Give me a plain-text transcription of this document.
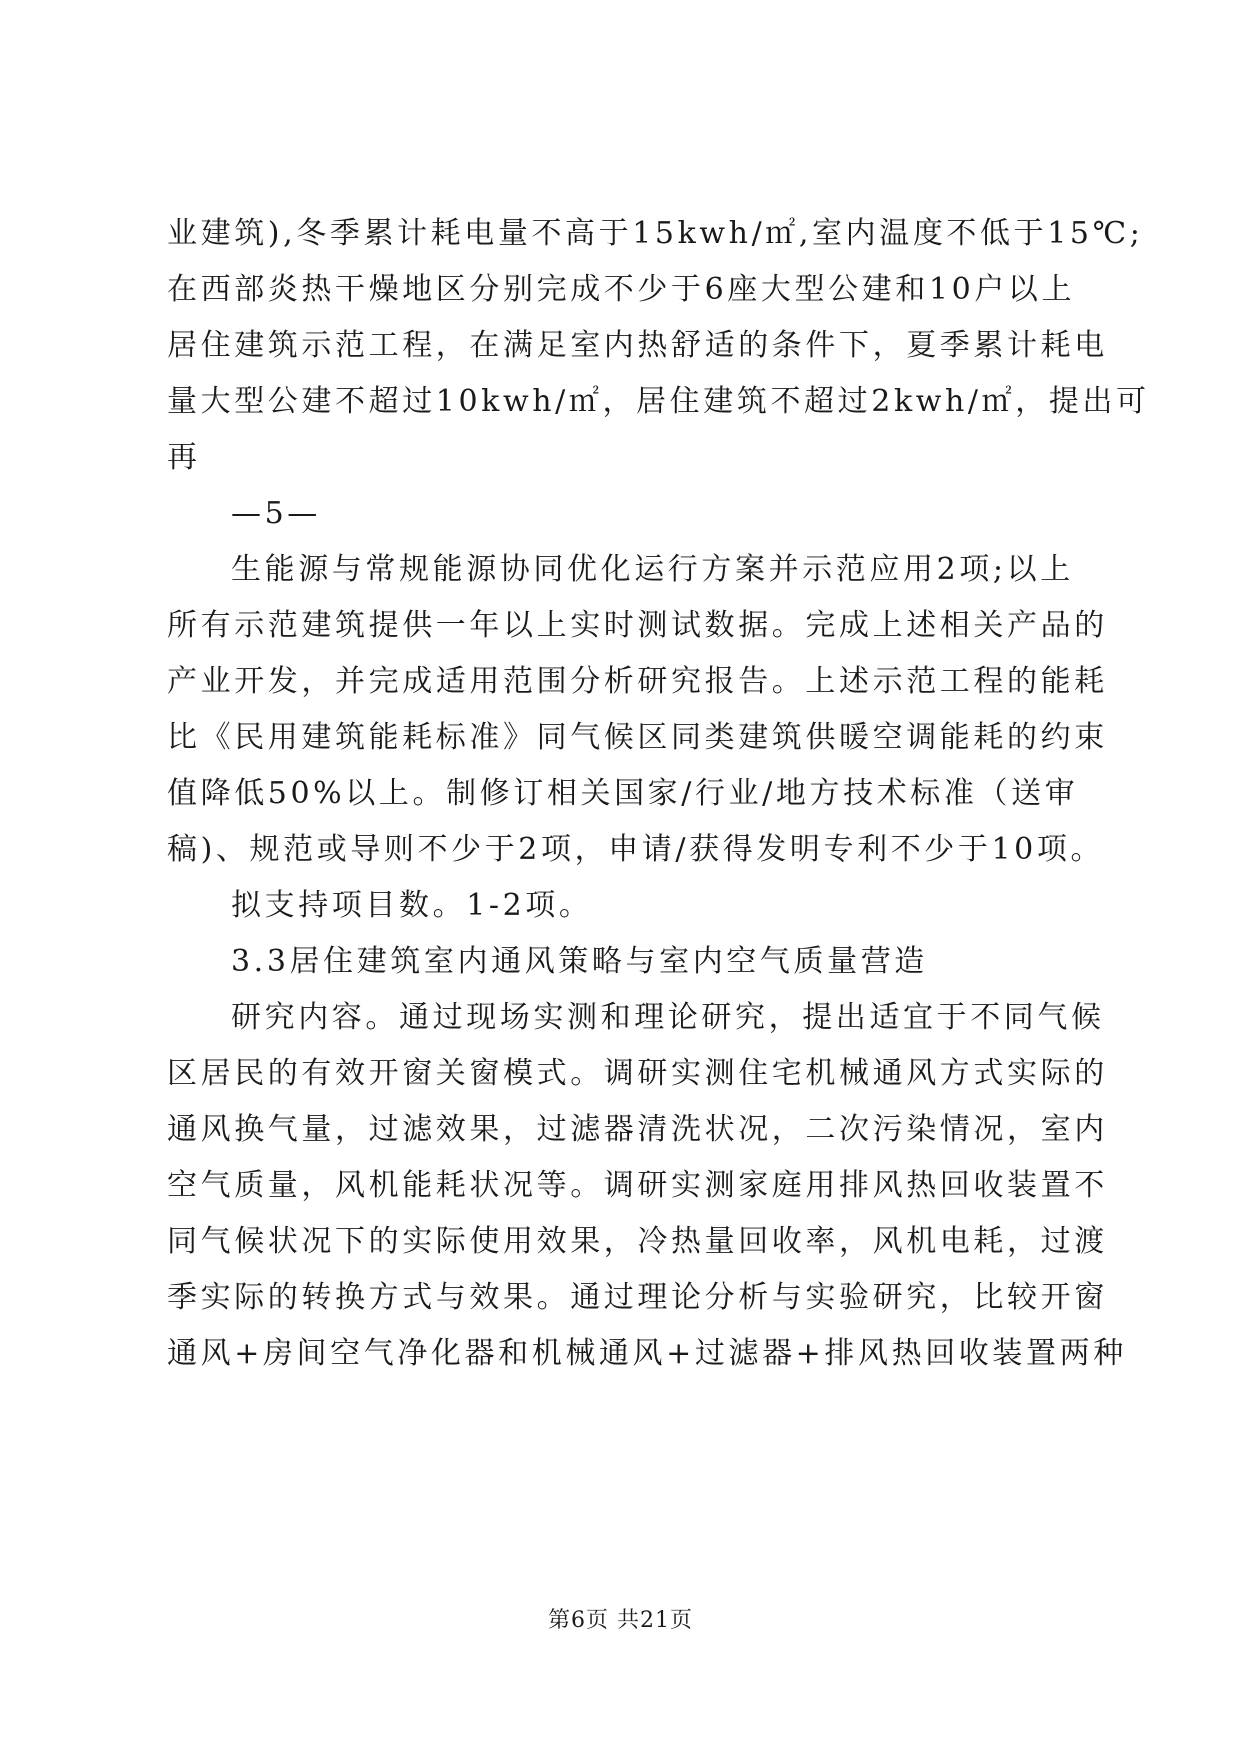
业建筑),冬季累计耗电量不高于15kwh/㎡,室内温度不低于15℃;
在西部炎热干燥地区分别完成不少于6座大型公建和10户以上
居住建筑示范工程，在满足室内热舒适的条件下，夏季累计耗电
量大型公建不超过10kwh/㎡，居住建筑不超过2kwh/㎡，提出可
再
—5—
生能源与常规能源协同优化运行方案并示范应用2项;以上
所有示范建筑提供一年以上实时测试数据。完成上述相关产品的
产业开发，并完成适用范围分析研究报告。上述示范工程的能耗
比《民用建筑能耗标准》同气候区同类建筑供暖空调能耗的约束
值降低50%以上。制修订相关国家/行业/地方技术标准（送审
稿)、规范或导则不少于2项，申请/获得发明专利不少于10项。
拟支持项目数。1-2项。
3.3居住建筑室内通风策略与室内空气质量营造
研究内容。通过现场实测和理论研究，提出适宜于不同气候
区居民的有效开窗关窗模式。调研实测住宅机械通风方式实际的
通风换气量，过滤效果，过滤器清洗状况，二次污染情况，室内
空气质量，风机能耗状况等。调研实测家庭用排风热回收装置不
同气候状况下的实际使用效果，冷热量回收率，风机电耗，过渡
季实际的转换方式与效果。通过理论分析与实验研究，比较开窗
通风+房间空气净化器和机械通风+过滤器+排风热回收装置两种
第6页 共21页
